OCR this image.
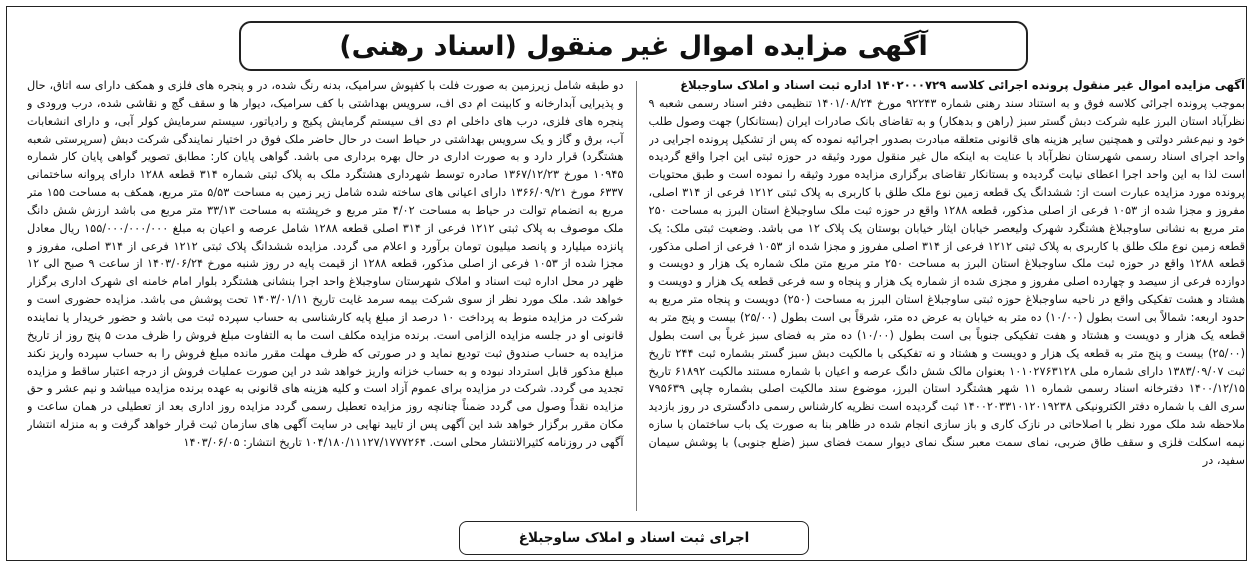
آگهی مزایده اموال غیر منقول (اسناد رهنی)
آگهی مزایده اموال غیر منقول پرونده اجرائی کلاسه ۱۴۰۲۰۰۰۷۲۹ اداره ثبت اسناد و املاک ساوجبلاغ
بموجب پرونده اجرائی کلاسه فوق و به استناد سند رهنی شماره ۹۲۲۴۳ مورخ ۱۴۰۱/۰۸/۲۴ تنظیمی دفتر اسناد رسمی شعبه ۹ نظرآباد استان البرز علیه شرکت دبش گستر سبز (راهن و بدهکار) و به تقاضای بانک صادرات ایران (بستانکار) جهت وصول طلب خود و نیم‌عشر دولتی و همچنین سایر هزینه های قانونی متعلقه مبادرت بصدور اجرائیه نموده که پس از تشکیل پرونده اجرایی در واحد اجرای اسناد رسمی شهرستان نظرآباد با عنایت به اینکه مال غیر منقول مورد وثیقه در حوزه ثبتی این اجرا واقع گردیده است لذا به این واحد اجرا اعطای نیابت گردیده و بستانکار تقاضای برگزاری مزایده مورد وثیقه را نموده است و طبق محتویات پرونده مورد مزایده عبارت است از: ششدانگ یک قطعه زمین نوع ملک طلق با کاربری به پلاک ثبتی ۱۲۱۲ فرعی از ۳۱۴ اصلی، مفروز و مجزا شده از ۱۰۵۳ فرعی از اصلی مذکور، قطعه ۱۲۸۸ واقع در حوزه ثبت ملک ساوجبلاغ استان البرز به مساحت ۲۵۰ متر مربع به نشانی ساوجبلاغ هشتگرد شهرک ولیعصر خیابان ایثار خیابان بوستان یک پلاک ۱۲ می باشد. وضعیت ثبتی ملک: یک قطعه زمین نوع ملک طلق با کاربری به پلاک ثبتی ۱۲۱۲ فرعی از ۳۱۴ اصلی مفروز و مجزا شده از ۱۰۵۳ فرعی از اصلی مذکور، قطعه ۱۲۸۸ واقع در حوزه ثبت ملک ساوجبلاغ استان البرز به مساحت ۲۵۰ متر مربع متن ملک شماره یک هزار و دویست و دوازده فرعی از سیصد و چهارده اصلی مفروز و مجزی شده از شماره یک هزار و پنجاه و سه فرعی قطعه یک هزار و دویست و هشتاد و هشت تفکیکی واقع در ناحیه ساوجبلاغ حوزه ثبتی ساوجبلاغ استان البرز به مساحت (۲۵۰) دویست و پنجاه متر مربع به حدود اربعه: شمالاً بی است بطول (۱۰/۰۰) ده متر به خیابان به عرض ده متر، شرقاً بی است بطول (۲۵/۰۰) بیست و پنج متر به قطعه یک هزار و دویست و هشتاد و هفت تفکیکی جنوباً بی است بطول (۱۰/۰۰) ده متر به فضای سبز غرباً بی است بطول (۲۵/۰۰) بیست و پنج متر به قطعه یک هزار و دویست و هشتاد و نه تفکیکی با مالکیت دبش سبز گستر بشماره ثبت ۲۴۴ تاریخ ثبت ۱۳۸۳/۰۹/۰۷ دارای شماره ملی ۱۰۱۰۲۷۶۳۱۲۸ بعنوان مالک شش دانگ عرصه و اعیان با شماره مستند مالکیت ۶۱۸۹۲ تاریخ ۱۴۰۰/۱۲/۱۵ دفترخانه اسناد رسمی شماره ۱۱ شهر هشتگرد استان البرز، موضوع سند مالکیت اصلی بشماره چاپی ۷۹۵۶۳۹ سری الف با شماره دفتر الکترونیکی ۱۴۰۰۲۰۳۳۱۰۱۲۰۱۹۲۳۸ ثبت گردیده است نظریه کارشناس رسمی دادگستری در روز بازدید ملاحظه شد ملک مورد نظر با اصلاحاتی در نازک کاری و باز سازی انجام شده در ظاهر بنا به صورت یک باب ساختمان با سازه نیمه اسکلت فلزی و سقف طاق ضربی، نمای سمت معبر سنگ نمای دیوار سمت فضای سبز (ضلع جنوبی) با پوشش سیمان سفید، در
دو طبقه شامل زیرزمین به صورت فلت با کفپوش سرامیک، بدنه رنگ شده، در و پنجره های فلزی و همکف دارای سه اتاق، حال و پذیرایی آبدارخانه و کابینت ام دی اف، سرویس بهداشتی با کف سرامیک، دیوار ها و سقف گچ و نقاشی شده، درب ورودی و پنجره های فلزی، درب های داخلی ام دی اف سیستم گرمایش پکیج و رادیاتور، سیستم سرمایش کولر آبی، و دارای انشعابات آب، برق و گاز و یک سرویس بهداشتی در حیاط است در حال حاضر ملک فوق در اختیار نمایندگی شرکت دبش (سرپرستی شعبه هشتگرد) قرار دارد و به صورت اداری در حال بهره برداری می باشد. گواهی پایان کار: مطابق تصویر گواهی پایان کار شماره ۱۰۹۴۵ مورخ ۱۳۶۷/۱۲/۲۳ صادره توسط شهرداری هشتگرد ملک به پلاک ثبتی شماره ۳۱۴ قطعه ۱۲۸۸ دارای پروانه ساختمانی ۶۳۳۷ مورخ ۱۳۶۶/۰۹/۲۱ دارای اعیانی های ساخته شده شامل زیر زمین به مساحت ۵/۵۳ متر مربع، همکف به مساحت ۱۵۵ متر مربع به انضمام توالت در حیاط به مساحت ۴/۰۲ متر مربع و خرپشته به مساحت ۳۳/۱۳ متر مربع می باشد ارزش شش دانگ ملک موصوف به پلاک ثبتی ۱۲۱۲ فرعی از ۳۱۴ اصلی قطعه ۱۲۸۸ شامل عرصه و اعیان به مبلغ ۱۵۵/۰۰۰/۰۰۰/۰۰۰ ریال معادل پانزده میلیارد و پانصد میلیون تومان برآورد و اعلام می گردد. مزایده ششدانگ پلاک ثبتی ۱۲۱۲ فرعی از ۳۱۴ اصلی، مفروز و مجزا شده از ۱۰۵۳ فرعی از اصلی مذکور، قطعه ۱۲۸۸ از قیمت پایه در روز شنبه مورخ ۱۴۰۳/۰۶/۲۴ از ساعت ۹ صبح الی ۱۲ ظهر در محل اداره ثبت اسناد و املاک شهرستان ساوجبلاغ واحد اجرا بنشانی هشتگرد بلوار امام خامنه ای شهرک اداری برگزار خواهد شد. ملک مورد نظر از سوی شرکت بیمه سرمد غایت تاریخ ۱۴۰۳/۰۱/۱۱ تحت پوشش می باشد. مزایده حضوری است و شرکت در مزایده منوط به پرداخت ۱۰ درصد از مبلغ پایه کارشناسی به حساب سپرده ثبت می باشد و حضور خریدار یا نماینده قانونی او در جلسه مزایده الزامی است. برنده مزایده مکلف است ما به التفاوت مبلغ فروش را ظرف مدت ۵ پنج روز از تاریخ مزایده به حساب صندوق ثبت تودیع نماید و در صورتی که ظرف مهلت مقرر مانده مبلغ فروش را به حساب سپرده واریز نکند مبلغ مذکور قابل استرداد نبوده و به حساب خزانه واریز خواهد شد در این صورت عملیات فروش از درجه اعتبار ساقط و مزایده تجدید می گردد. شرکت در مزایده برای عموم آزاد است و کلیه هزینه های قانونی به عهده برنده مزایده میباشد و نیم عشر و حق مزایده نقداً وصول می گردد ضمناً چنانچه روز مزایده تعطیل رسمی گردد مزایده روز اداری بعد از تعطیلی در همان ساعت و مکان مقرر برگزار خواهد شد این آگهی پس از تایید نهایی در سایت آگهی های سازمان ثبت قرار خواهد گرفت و به منزله انتشار آگهی در روزنامه کثیرالانتشار محلی است. ۱۰۴/۱۸۰/۱۱۱۲۷/۱۷۷۷۲۶۴ تاریخ انتشار: ۱۴۰۳/۰۶/۰۵
اجرای ثبت اسناد و املاک ساوجبلاغ
